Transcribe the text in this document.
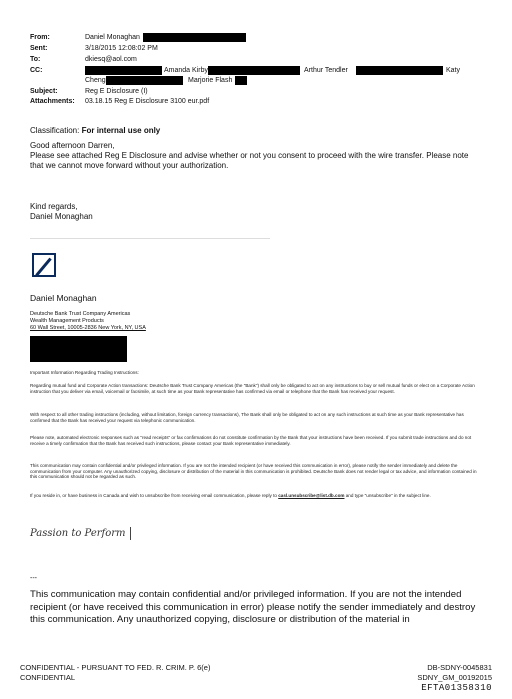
From:	Daniel Monaghan
Sent:	3/18/2015 12:08:02 PM
To:	dkiesq@aol.com
CC:	Amanda Kirby	Arthur Tendler	Katy
Cheng	Marjorie Flash
Subject:	Reg E Disclosure (I)
Attachments: 03.18.15 Reg E Disclosure 3100 eur.pdf
Classification: For internal use only
Good afternoon Darren,
Please see attached Reg E Disclosure and advise whether or not you consent to proceed with the wire transfer. Please note that we cannot move forward without your authorization.
Kind regards,
Daniel Monaghan
Daniel Monaghan
Deutsche Bank Trust Company Americas
Wealth Management Products
60 Wall Street, 10005-2836 New York, NY, USA
Important Information Regarding Trading Instructions:
Regarding mutual fund and Corporate Action transactions: Deutsche Bank Trust Company Americas (the "Bank") shall only be obligated to act on any instructions to buy or sell mutual funds or elect on a Corporate Action instruction that you deliver via email, voicemail or facsimile, at such time as your Bank representative has confirmed via email or telephone that the Bank has received your request.
With respect to all other trading instructions (including, without limitation, foreign currency transactions), The Bank shall only be obligated to act on any such instructions at such time as your Bank representative has confirmed that the Bank has received your request via telephonic communication.
Please note, automated electronic responses such as "read receipts" or fax confirmations do not constitute confirmation by the Bank that your instructions have been received. If you submit trade instructions and do not receive a timely confirmation that the Bank has received such instructions, please contact your Bank representative immediately.
This communication may contain confidential and/or privileged information. If you are not the intended recipient (or have received this communication in error), please notify the sender immediately and delete the communication from your computer. Any unauthorized copying, disclosure or distribution of the material in this communication is prohibited. Deutsche Bank does not render legal or tax advice, and information contained in this communication should not be regarded as such.
If you reside in, or have business in Canada and wish to unsubscribe from receiving email communication, please reply to casl.unsubscribe@list.db.com and type "unsubscribe" in the subject line.
Passion to Perform
---
This communication may contain confidential and/or privileged information. If you are not the intended recipient (or have received this communication in error) please notify the sender immediately and destroy this communication. Any unauthorized copying, disclosure or distribution of the material in
CONFIDENTIAL - PURSUANT TO FED. R. CRIM. P. 6(e)
CONFIDENTIAL
DB-SDNY-0045831
SDNY_GM_00192015
EFTA01358310
